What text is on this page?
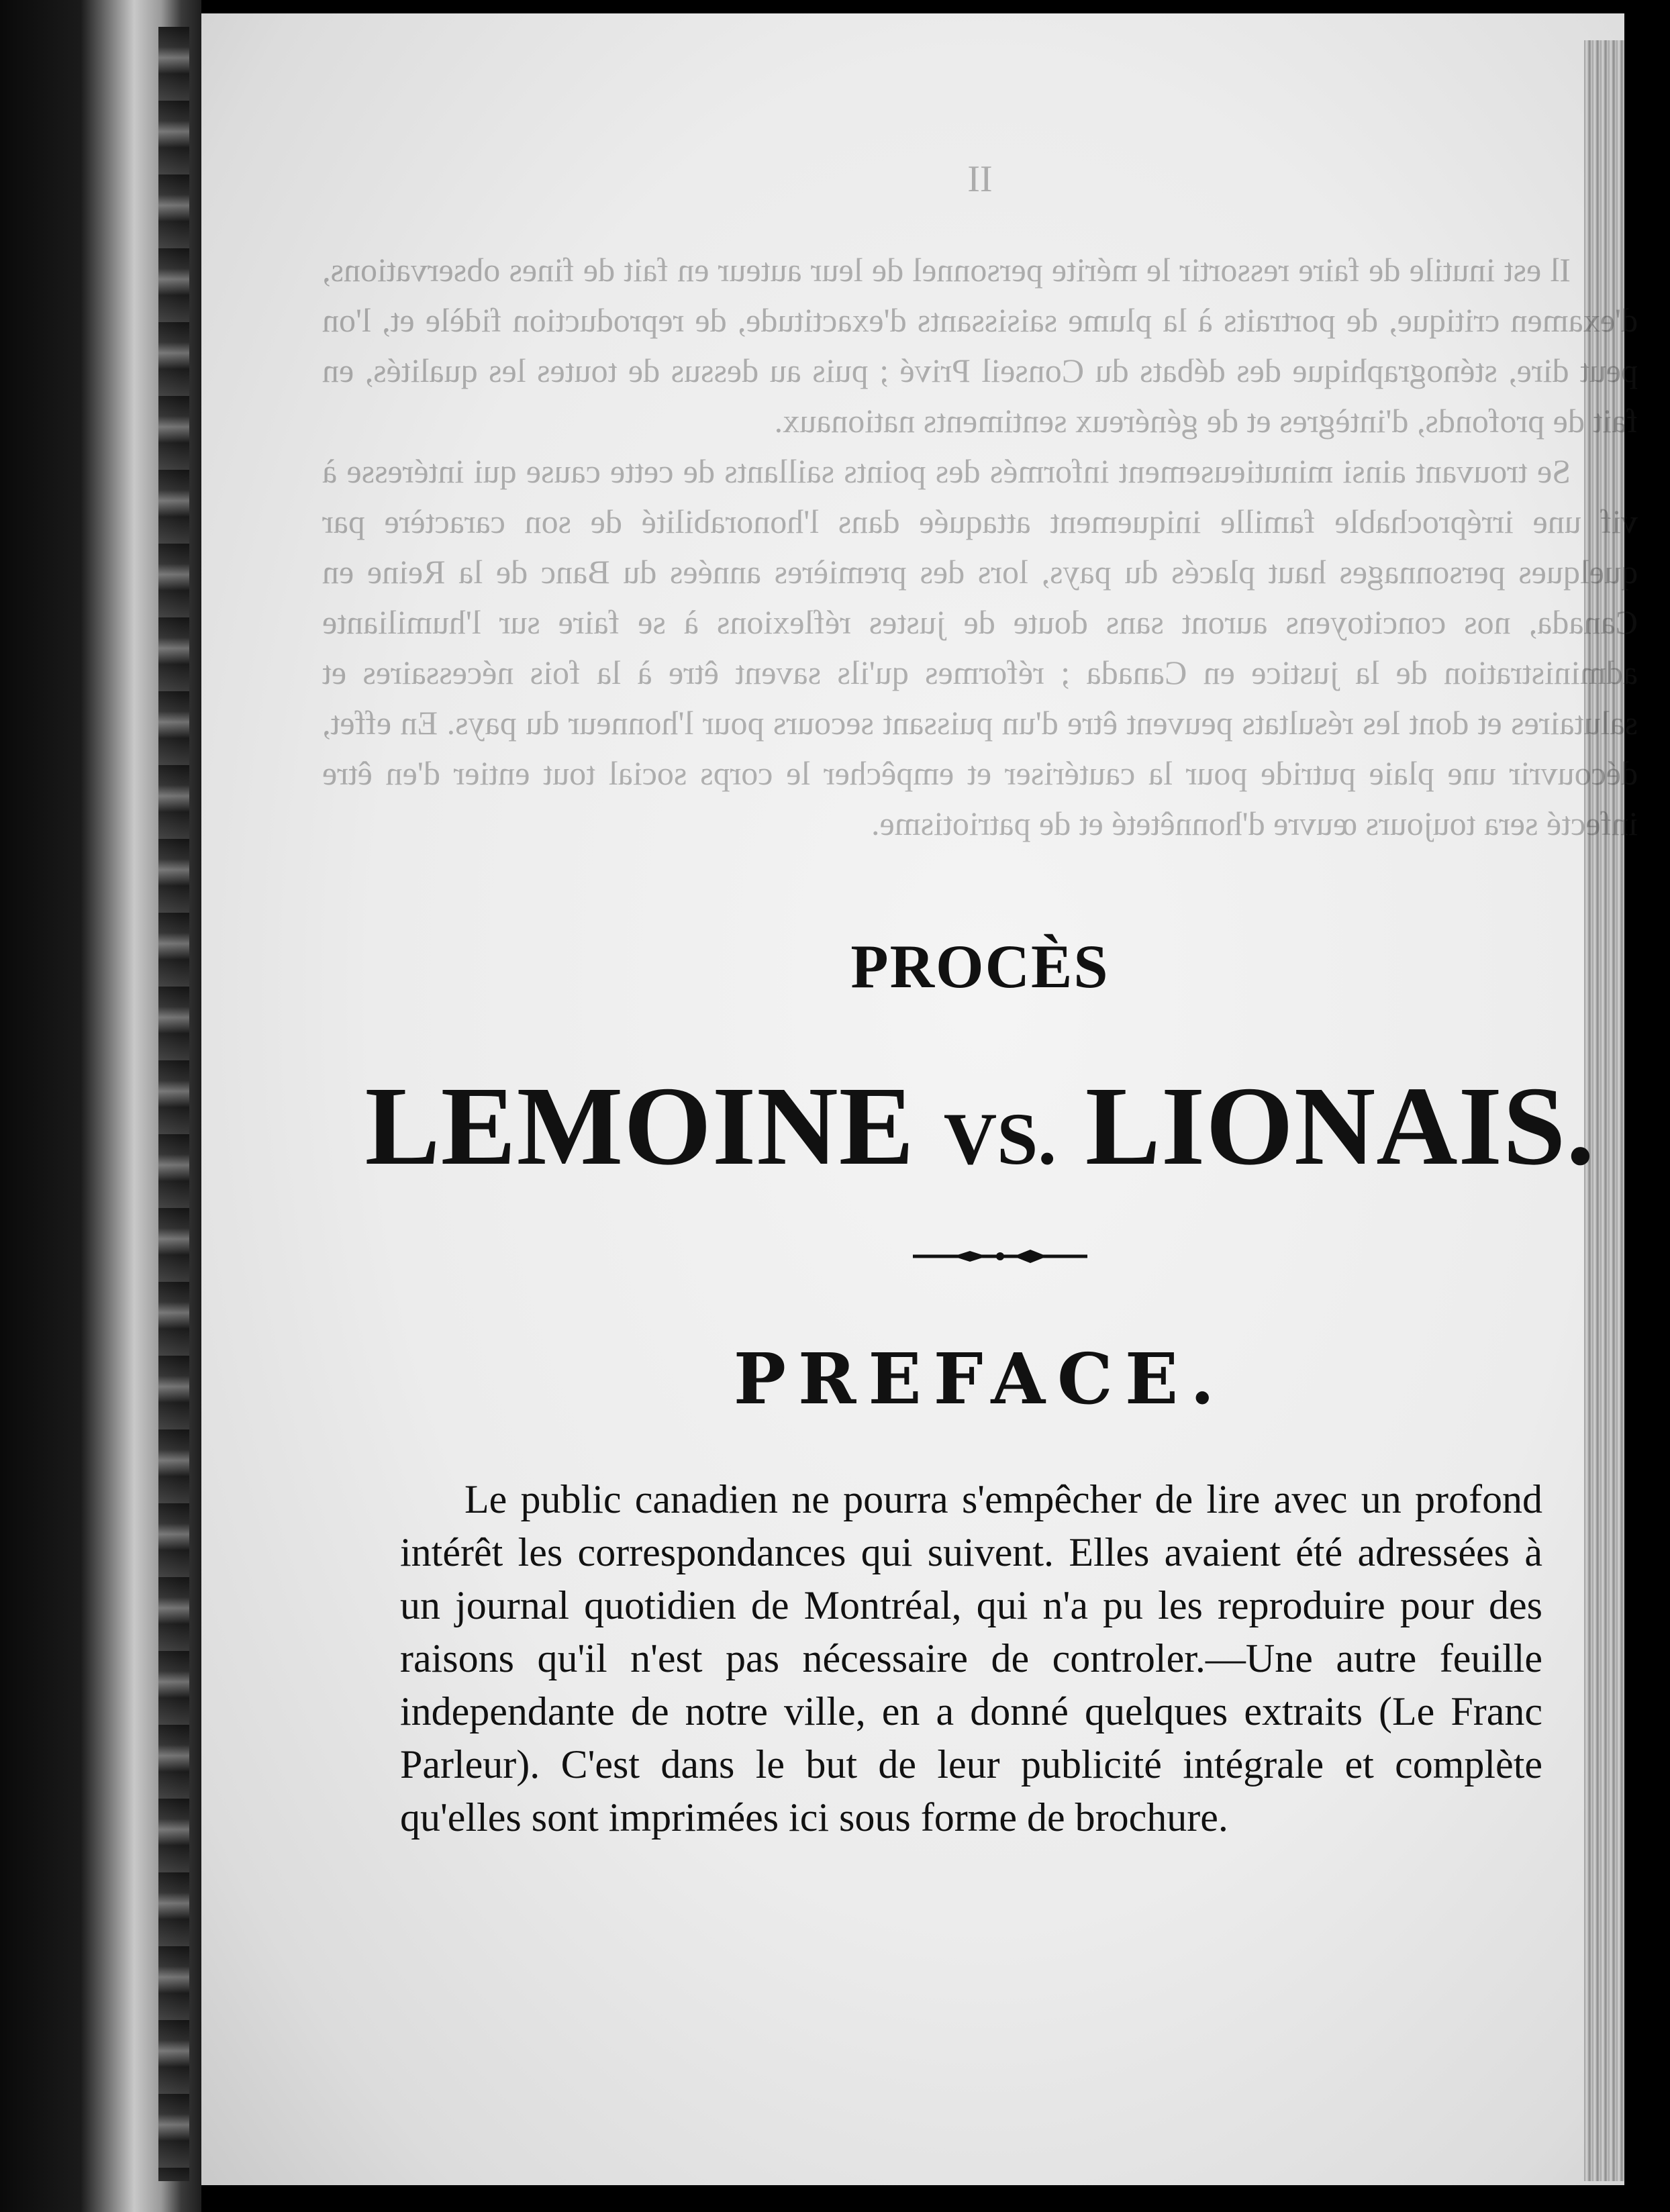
II

Il est inutile de faire ressortir le mérite personnel de leur auteur en fait de fines observations, d'examen critique, de portraits à la plume saisissants d'exactitude, de reproduction fidèle et, l'on peut dire, sténographique des débats du Conseil Privé ; puis au dessus de toutes les qualités, en fait de profonds, d'intègres et de généreux sentiments nationaux.

Se trouvant ainsi minutieusement informés des points saillants de cette cause qui intéresse à vif une irréprochable famille iniquement attaquée dans l'honorabilité de son caractère par quelques personnages haut placés du pays, lors des premières années du Banc de la Reine en Canada, nos concitoyens auront sans doute de justes réflexions à se faire sur l'humiliante administration de la justice en Canada ; réformes qu'ils savent être à la fois nécessaires et salutaires et dont les résultats peuvent être d'un puissant secours pour l'honneur du pays. En effet, découvrir une plaie putride pour la cautériser et empêcher le corps social tout entier d'en être infecté sera toujours œuvre d'honnêteté et de patriotisme.

PROCÈS
LEMOINE VS. LIONAIS.
PREFACE.

Le public canadien ne pourra s'empêcher de lire avec un profond intérêt les correspondances qui suivent. Elles avaient été adressées à un journal quotidien de Montréal, qui n'a pu les reproduire pour des raisons qu'il n'est pas nécessaire de controler.—Une autre feuille independante de notre ville, en a donné quelques extraits (Le Franc Parleur). C'est dans le but de leur publicité intégrale et complète qu'elles sont imprimées ici sous forme de brochure.
